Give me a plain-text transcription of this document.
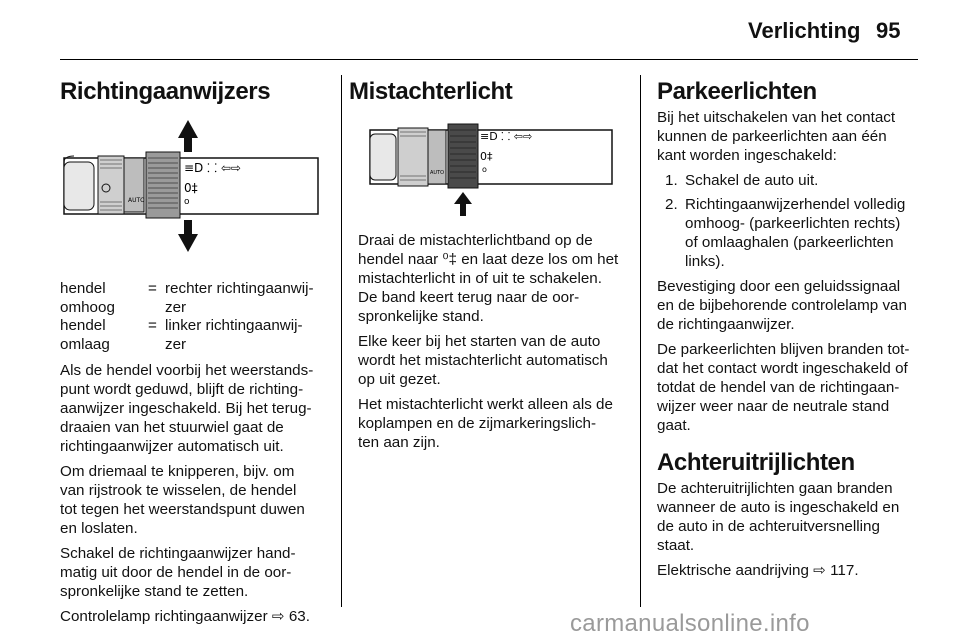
Verlichting 95
Richtingaanwijzers
≡D ⸬ ⇦⇨
0‡
o
AUTO
hendel
omhoog
= rechter richtingaanwij-
zer
hendel
omlaag
= linker richtingaanwij-
zer

Als de hendel voorbij het weerstands-
punt wordt geduwd, blijft de richting-
aanwijzer ingeschakeld. Bij het terug-
draaien van het stuurwiel gaat de
richtingaanwijzer automatisch uit.

Om driemaal te knipperen, bijv. om
van rijstrook te wisselen, de hendel
tot tegen het weerstandspunt duwen
en loslaten.

Schakel de richtingaanwijzer hand-
matig uit door de hendel in de oor-
spronkelijke stand te zetten.

Controlelamp richtingaanwijzer ⇨ 63.

Mistachterlicht
≡D ⸬ ⇦⇨
0‡
o
AUTO

Draai de mistachterlichtband op de
hendel naar ⁰‡ en laat deze los om het
mistachterlicht in of uit te schakelen.
De band keert terug naar de oor-
spronkelijke stand.

Elke keer bij het starten van de auto
wordt het mistachterlicht automatisch
op uit gezet.

Het mistachterlicht werkt alleen als de
koplampen en de zijmarkeringslich-
ten aan zijn.

Parkeerlichten

Bij het uitschakelen van het contact
kunnen de parkeerlichten aan één
kant worden ingeschakeld:

1. Schakel de auto uit.
2. Richtingaanwijzerhendel volledig
omhoog- (parkeerlichten rechts)
of omlaaghalen (parkeerlichten
links).

Bevestiging door een geluidssignaal
en de bijbehorende controlelamp van
de richtingaanwijzer.

De parkeerlichten blijven branden tot-
dat het contact wordt ingeschakeld of
totdat de hendel van de richtingaan-
wijzer weer naar de neutrale stand
gaat.

Achteruitrijlichten

De achteruitrijlichten gaan branden
wanneer de auto is ingeschakeld en
de auto in de achteruitversnelling
staat.

Elektrische aandrijving ⇨ 117.

carmanualsonline.info
